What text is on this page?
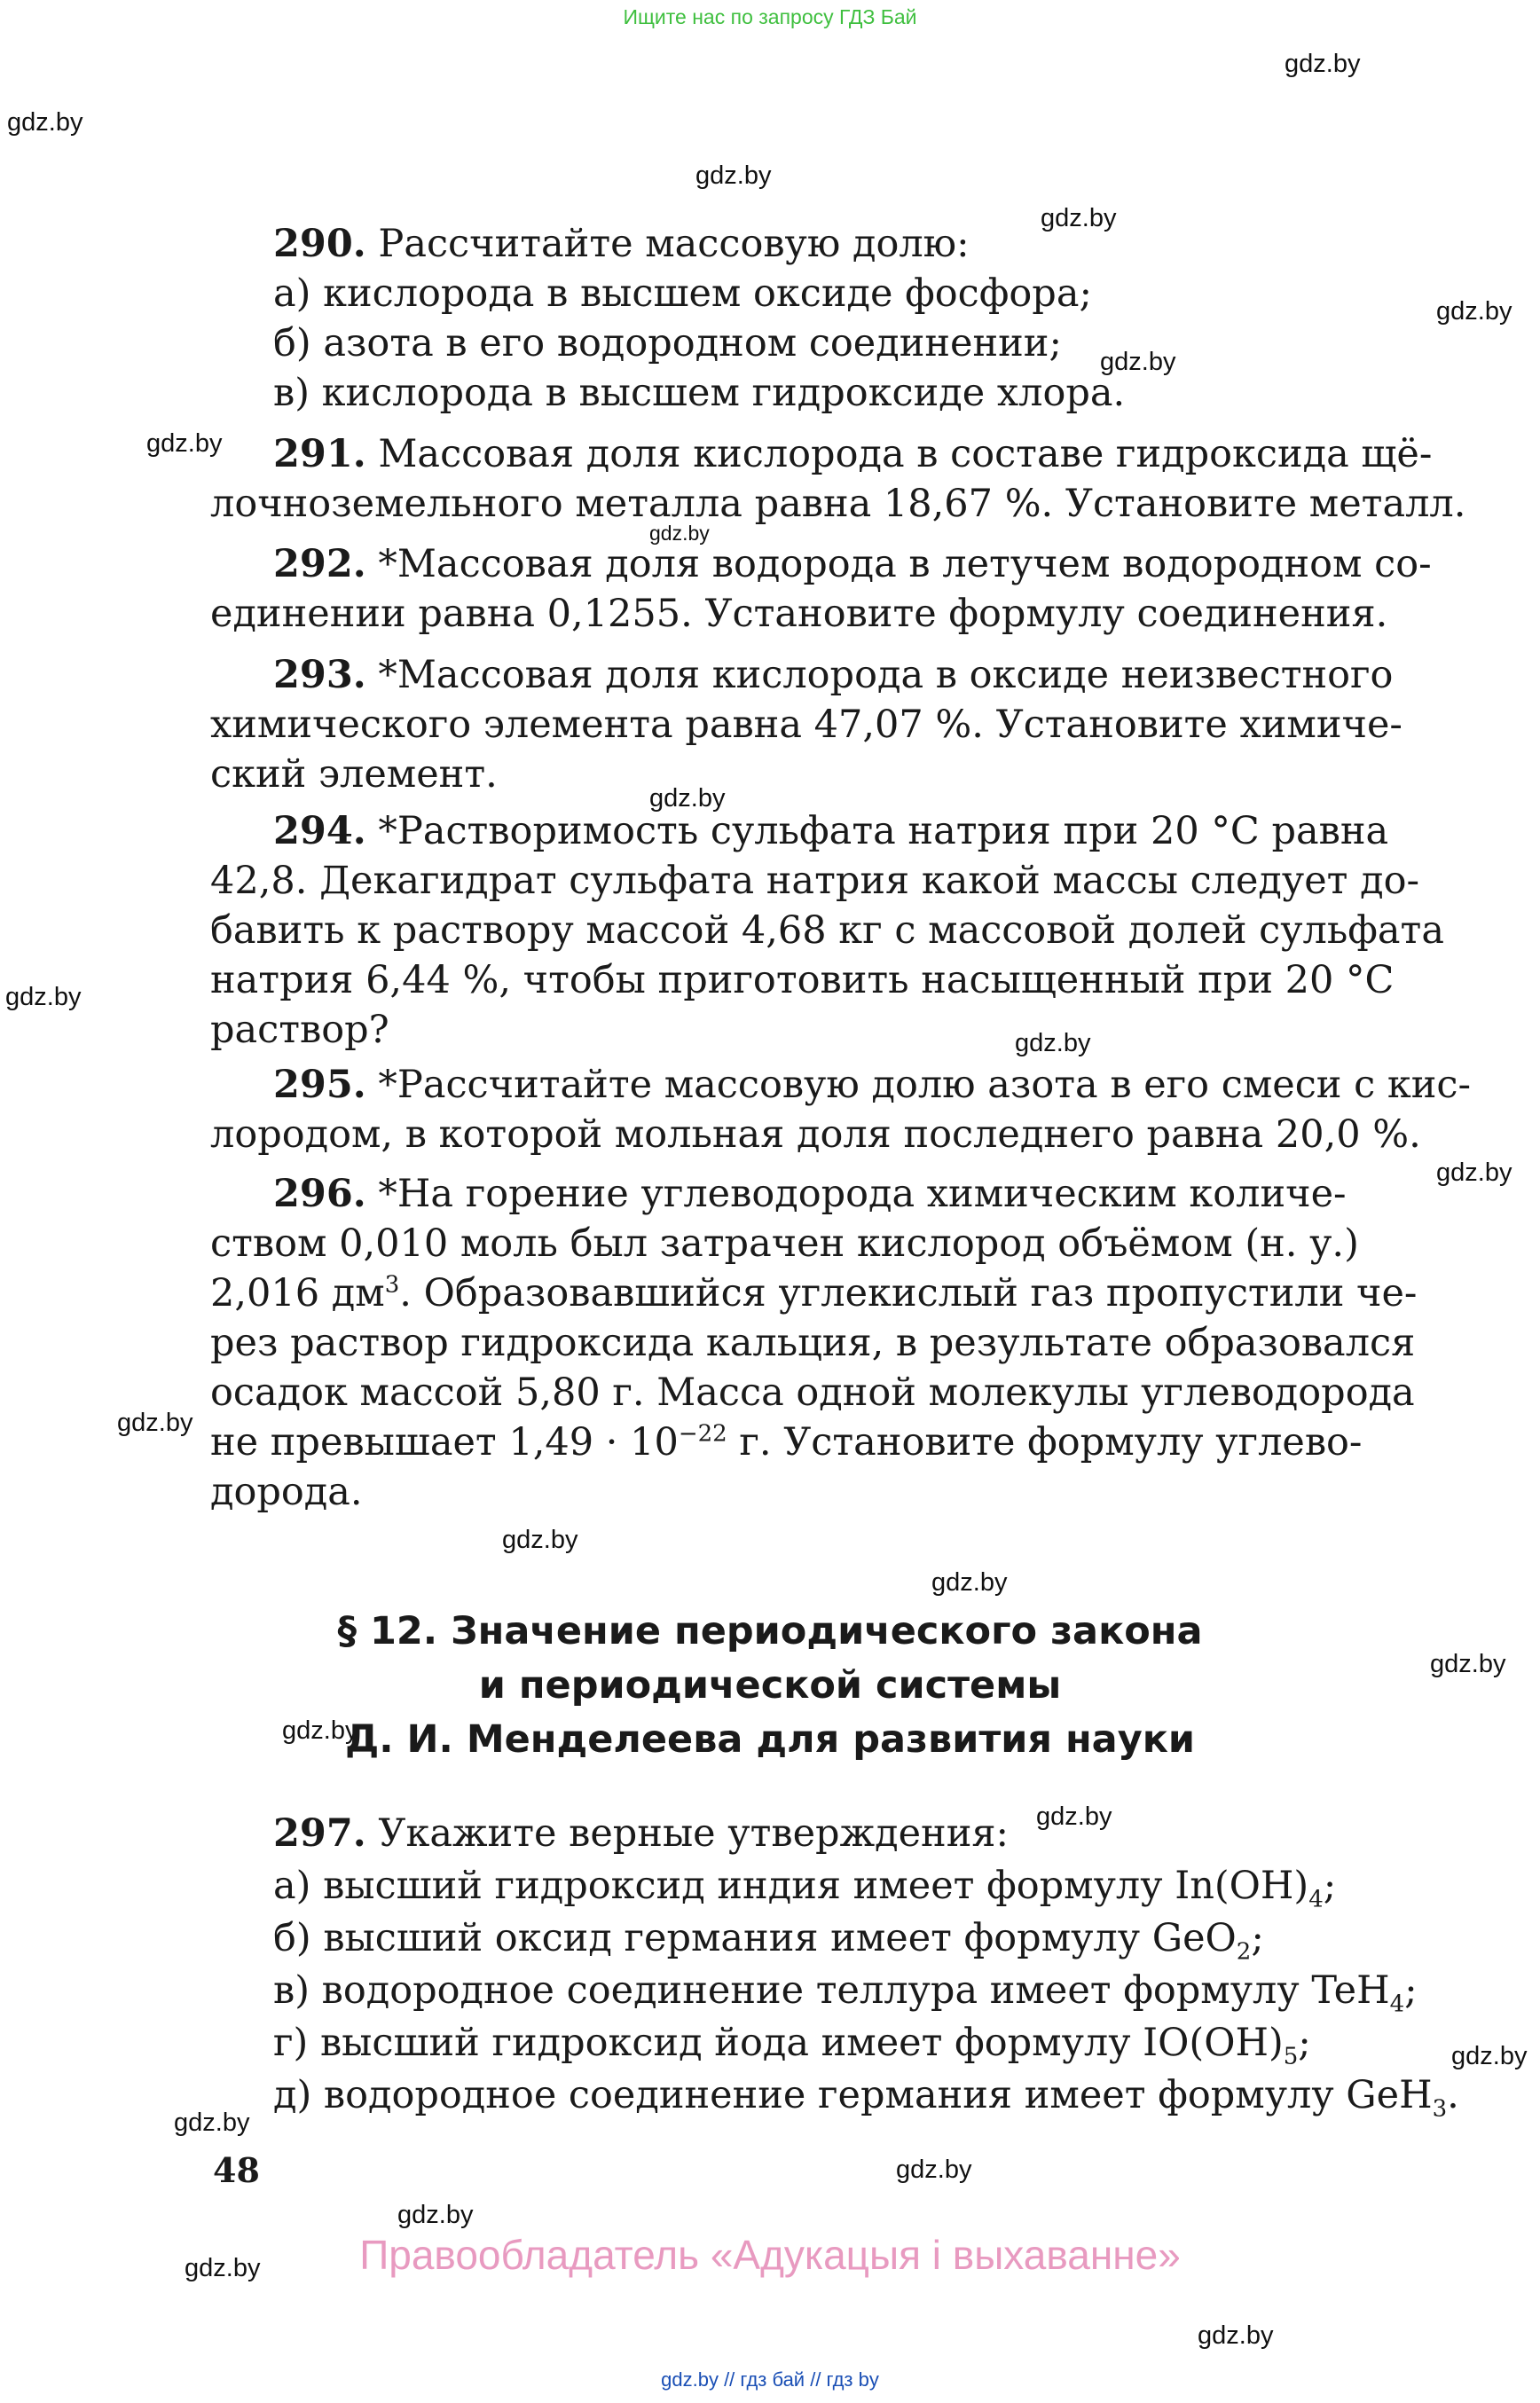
Ищите нас по запросу ГДЗ Бай
gdz.by
gdz.by
gdz.by
gdz.by
gdz.by
gdz.by
gdz.by
gdz.by
gdz.by
gdz.by
gdz.by
gdz.by
gdz.by
gdz.by
gdz.by
gdz.by
gdz.by
gdz.by
gdz.by
gdz.by
gdz.by
gdz.by
gdz.by
gdz.by
290. Рассчитайте массовую долю:
а) кислорода в высшем оксиде фосфора;
б) азота в его водородном соединении;
в) кислорода в высшем гидроксиде хлора.
291. Массовая доля кислорода в составе гидроксида щё-
лочноземельного металла равна 18,67 %. Установите металл.
292. *Массовая доля водорода в летучем водородном со-
единении равна 0,1255. Установите формулу соединения.
293. *Массовая доля кислорода в оксиде неизвестного
химического элемента равна 47,07 %. Установите химиче-
ский элемент.
294. *Растворимость сульфата натрия при 20 °С равна
42,8. Декагидрат сульфата натрия какой массы следует до-
бавить к раствору массой 4,68 кг с массовой долей сульфата
натрия 6,44 %, чтобы приготовить насыщенный при 20 °С
раствор?
295. *Рассчитайте массовую долю азота в его смеси с кис-
лородом, в которой мольная доля последнего равна 20,0 %.
296. *На горение углеводорода химическим количе-
ством 0,010 моль был затрачен кислород объёмом (н. у.)
2,016 $дм^3$. Образовавшийся углекислый газ пропустили че-
рез раствор гидроксида кальция, в результате образовался
осадок массой 5,80 г. Масса одной молекулы углеводорода
не превышает $1,49 \cdot 10^{-22}$ г. Установите формулу углево-
дорода.
§ 12. Значение периодического закона
и периодической системы
Д. И. Менделеева для развития науки
297. Укажите верные утверждения:
а) высший гидроксид индия имеет формулу $In(OH)_4$;
б) высший оксид германия имеет формулу GeO$_2$;
в) водородное соединение теллура имеет формулу TeH$_4$;
г) высший гидроксид йода имеет формулу $IO(OH)_5$;
д) водородное соединение германия имеет формулу GeH$_3$.
48
Правообладатель «Адукацыя і выхаванне»
gdz.by // гдз бай // гдз by
